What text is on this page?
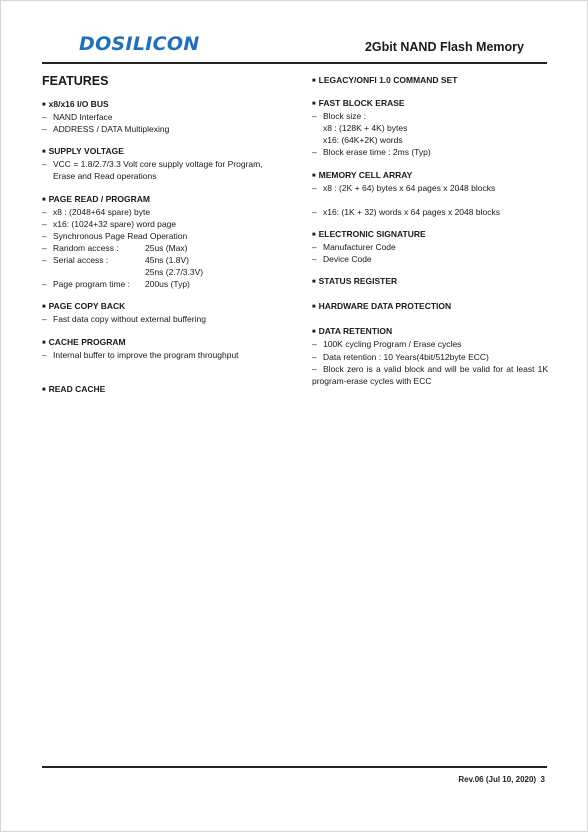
DOSILICON	2Gbit NAND Flash Memory
FEATURES
■ x8/x16 I/O BUS
– NAND Interface
– ADDRESS / DATA Multiplexing
■ SUPPLY VOLTAGE
– VCC = 1.8/2.7/3.3 Volt core supply voltage for Program,
Erase and Read operations
■ PAGE READ / PROGRAM
– x8 : (2048+64 spare) byte
– x16: (1024+32 spare) word page
– Synchronous Page Read Operation
– Random access :	25us (Max)
– Serial access :	45ns (1.8V)
25ns (2.7/3.3V)
– Page program time :	200us (Typ)
■ PAGE COPY BACK
– Fast data copy without external buffering
■ CACHE PROGRAM
– Internal buffer to improve the program throughput
■ READ CACHE
■ LEGACY/ONFI 1.0 COMMAND SET
■ FAST BLOCK ERASE
– Block size :
x8 : (128K + 4K) bytes
x16: (64K+2K) words
– Block erase time : 2ms (Typ)
■ MEMORY CELL ARRAY
– x8 : (2K + 64) bytes x 64 pages x 2048 blocks
– x16: (1K + 32) words x 64 pages x 2048 blocks
■ ELECTRONIC SIGNATURE
– Manufacturer Code
– Device Code
■ STATUS REGISTER
■ HARDWARE DATA PROTECTION
■ DATA RETENTION
– 100K cycling Program / Erase cycles
– Data retention : 10 Years(4bit/512byte ECC)
– Block zero is a valid block and will be valid for at least 1K program-erase cycles with ECC
Rev.06 (Jul 10, 2020) 3
